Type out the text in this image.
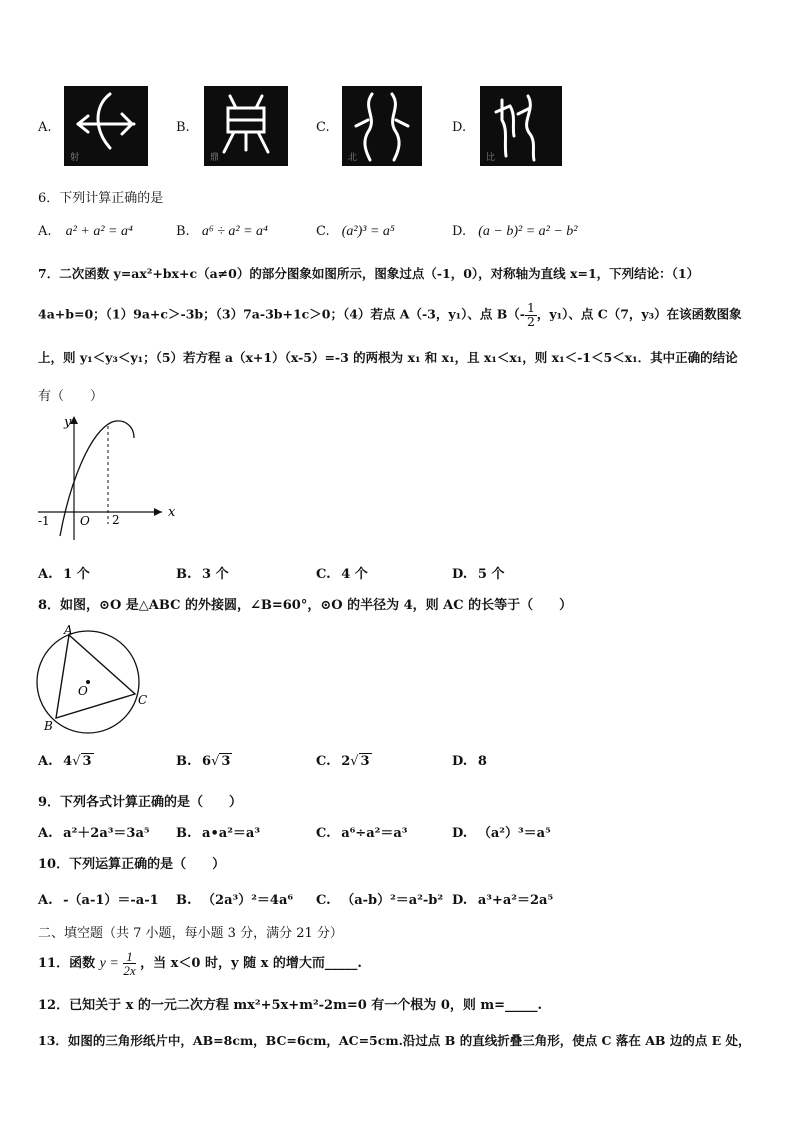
A.
射
B.
鼎
C.
北
D.
比
6．下列计算正确的是
A. a² + a² = a⁴	B. a⁶ ÷ a² = a⁴	C. (a²)³ = a⁵	D. (a − b)² = a² − b²
7．二次函数 y=ax²+bx+c（a≠0）的部分图象如图所示，图象过点（-1，0），对称轴为直线 x=1，下列结论：（1）
4a+b=0；（1）9a+c＞-3b；（3）7a-3b+1c＞0；（4）若点 A（-3，y₁）、点 $B(- \frac{1}{2}$ ，y₁）、点 C（7，y₃）在该函数图象
上，则 y₁＜y₃＜y₁；（5）若方程 a（x+1）（x-5）=-3 的两根为 x₁ 和 x₁，且 x₁＜x₁，则 x₁＜-1＜5＜x₁．其中正确的结论
有（　　）
y
x
O
-1	2
A. 1 个	B. 3 个	C. 4 个	D. 5 个
8．如图，⊙O 是△ABC 的外接圆，∠B=60°，⊙O 的半径为 4，则 AC 的长等于（　　）
A
B
C
O
A. 4√ 3	B. 6√ 3	C. 2√ 3	D. 8
9．下列各式计算正确的是（　　）
A. a²＋2a³＝3a⁵ B. a•a²＝a³	C. a⁶÷a²＝a³	D. （a²）³＝a⁵
10．下列运算正确的是（　　）
A. -（a-1）＝-a-1 B. （2a³）²＝4a⁶ C. （a-b）²＝a²-b² D. a³+a²＝2a⁵
二、填空题（共 7 小题，每小题 3 分，满分 21 分）
11．函数 $y = \frac{1}{2x}$ ，当 x＜0 时，y 随 x 的增大而_____.
12．已知关于 x 的一元二次方程 mx²+5x+m²-2m=0 有一个根为 0，则 m=_____.
13．如图的三角形纸片中，AB=8cm，BC=6cm，AC=5cm.沿过点 B 的直线折叠三角形，使点 C 落在 AB 边的点 E 处，
